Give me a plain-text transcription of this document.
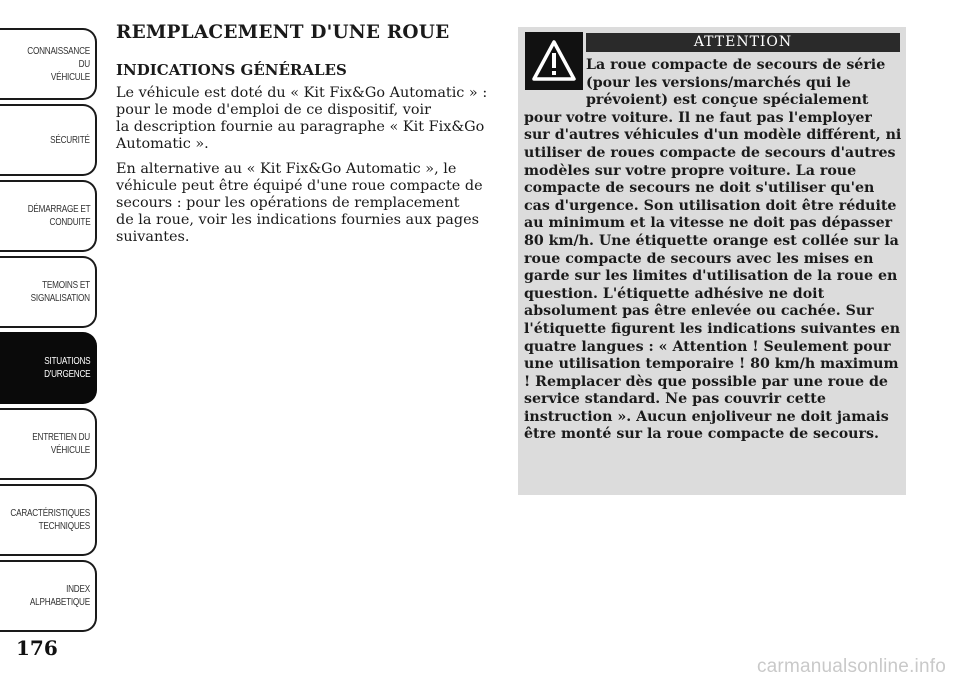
CONNAISSANCE DU
VÉHICULE
SÉCURITÉ
DÉMARRAGE ET
CONDUITE
TEMOINS ET
SIGNALISATION
SITUATIONS
D'URGENCE
ENTRETIEN DU
VÉHICULE
CARACTÉRISTIQUES
TECHNIQUES
INDEX
ALPHABETIQUE
176
REMPLACEMENT D'UNE ROUE
INDICATIONS GÉNÉRALES

Le véhicule est doté du « Kit Fix&Go Automatic » :
pour le mode d'emploi de ce dispositif, voir
la description fournie au paragraphe « Kit Fix&Go
Automatic ».

En alternative au « Kit Fix&Go Automatic », le
véhicule peut être équipé d'une roue compacte de
secours : pour les opérations de remplacement
de la roue, voir les indications fournies aux pages
suivantes.

ATTENTION
La roue compacte de secours de série (pour les versions/marchés qui le prévoient) est conçue spécialement pour votre voiture. Il ne faut pas l'employer sur d'autres véhicules d'un modèle différent, ni utiliser de roues compacte de secours d'autres modèles sur votre propre voiture. La roue compacte de secours ne doit s'utiliser qu'en cas d'urgence. Son utilisation doit être réduite au minimum et la vitesse ne doit pas dépasser 80 km/h. Une étiquette orange est collée sur la roue compacte de secours avec les mises en garde sur les limites d'utilisation de la roue en question. L'étiquette adhésive ne doit absolument pas être enlevée ou cachée. Sur l'étiquette figurent les indications suivantes en quatre langues : « Attention ! Seulement pour une utilisation temporaire ! 80 km/h maximum ! Remplacer dès que possible par une roue de service standard. Ne pas couvrir cette instruction ». Aucun enjoliveur ne doit jamais être monté sur la roue compacte de secours.
carmanualsonline.info
